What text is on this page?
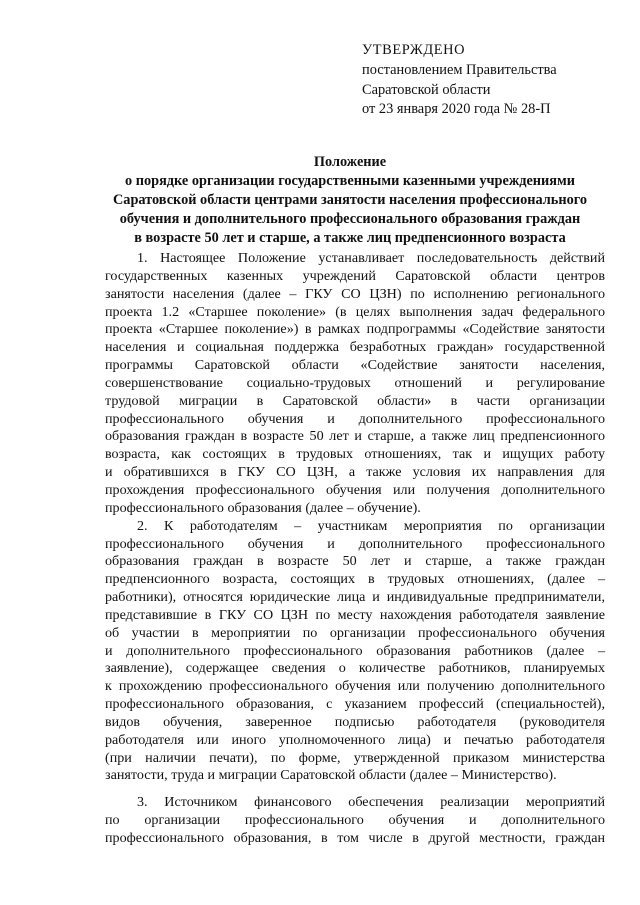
УТВЕРЖДЕНО
постановлением Правительства
Саратовской области
от 23 января 2020 года № 28-П
Положение
о порядке организации государственными казенными учреждениями
Саратовской области центрами занятости населения профессионального
обучения и дополнительного профессионального образования граждан
в возрасте 50 лет и старше, а также лиц предпенсионного возраста

1. Настоящее Положение устанавливает последовательность действий
государственных казенных учреждений Саратовской области центров
занятости населения (далее – ГКУ СО ЦЗН) по исполнению регионального
проекта 1.2 «Старшее поколение» (в целях выполнения задач федерального
проекта «Старшее поколение») в рамках подпрограммы «Содействие занятости
населения и социальная поддержка безработных граждан» государственной
программы Саратовской области «Содействие занятости населения,
совершенствование социально-трудовых отношений и регулирование
трудовой миграции в Саратовской области» в части организации
профессионального обучения и дополнительного профессионального
образования граждан в возрасте 50 лет и старше, а также лиц предпенсионного
возраста, как состоящих в трудовых отношениях, так и ищущих работу
и обратившихся в ГКУ СО ЦЗН, а также условия их направления для
прохождения профессионального обучения или получения дополнительного
профессионального образования (далее – обучение).

2. К работодателям – участникам мероприятия по организации
профессионального обучения и дополнительного профессионального
образования граждан в возрасте 50 лет и старше, а также граждан
предпенсионного возраста, состоящих в трудовых отношениях, (далее –
работники), относятся юридические лица и индивидуальные предприниматели,
представившие в ГКУ СО ЦЗН по месту нахождения работодателя заявление
об участии в мероприятии по организации профессионального обучения
и дополнительного профессионального образования работников (далее –
заявление), содержащее сведения о количестве работников, планируемых
к прохождению профессионального обучения или получению дополнительного
профессионального образования, с указанием профессий (специальностей),
видов обучения, заверенное подписью работодателя (руководителя
работодателя или иного уполномоченного лица) и печатью работодателя
(при наличии печати), по форме, утвержденной приказом министерства
занятости, труда и миграции Саратовской области (далее – Министерство).

3. Источником финансового обеспечения реализации мероприятий
по организации профессионального обучения и дополнительного
профессионального образования, в том числе в другой местности, граждан
